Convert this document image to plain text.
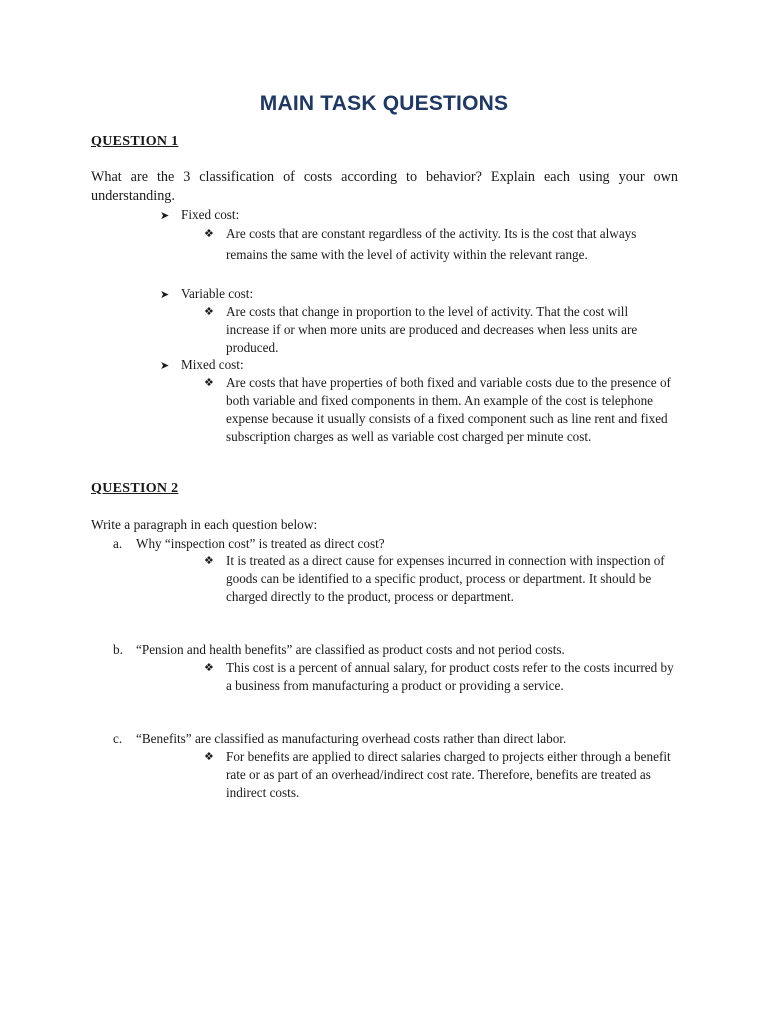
MAIN TASK QUESTIONS
QUESTION 1
What are the 3 classification of costs according to behavior? Explain each using your own understanding.
➤ Fixed cost:
❖ Are costs that are constant regardless of the activity. Its is the cost that always remains the same with the level of activity within the relevant range.
➤ Variable cost:
❖ Are costs that change in proportion to the level of activity. That the cost will increase if or when more units are produced and decreases when less units are produced.
➤ Mixed cost:
❖ Are costs that have properties of both fixed and variable costs due to the presence of both variable and fixed components in them. An example of the cost is telephone expense because it usually consists of a fixed component such as line rent and fixed subscription charges as well as variable cost charged per minute cost.
QUESTION 2
Write a paragraph in each question below:
a. Why “inspection cost” is treated as direct cost?
❖ It is treated as a direct cause for expenses incurred in connection with inspection of goods can be identified to a specific product, process or department. It should be charged directly to the product, process or department.
b. “Pension and health benefits” are classified as product costs and not period costs.
❖ This cost is a percent of annual salary, for product costs refer to the costs incurred by a business from manufacturing a product or providing a service.
c. “Benefits” are classified as manufacturing overhead costs rather than direct labor.
❖ For benefits are applied to direct salaries charged to projects either through a benefit rate or as part of an overhead/indirect cost rate. Therefore, benefits are treated as indirect costs.
